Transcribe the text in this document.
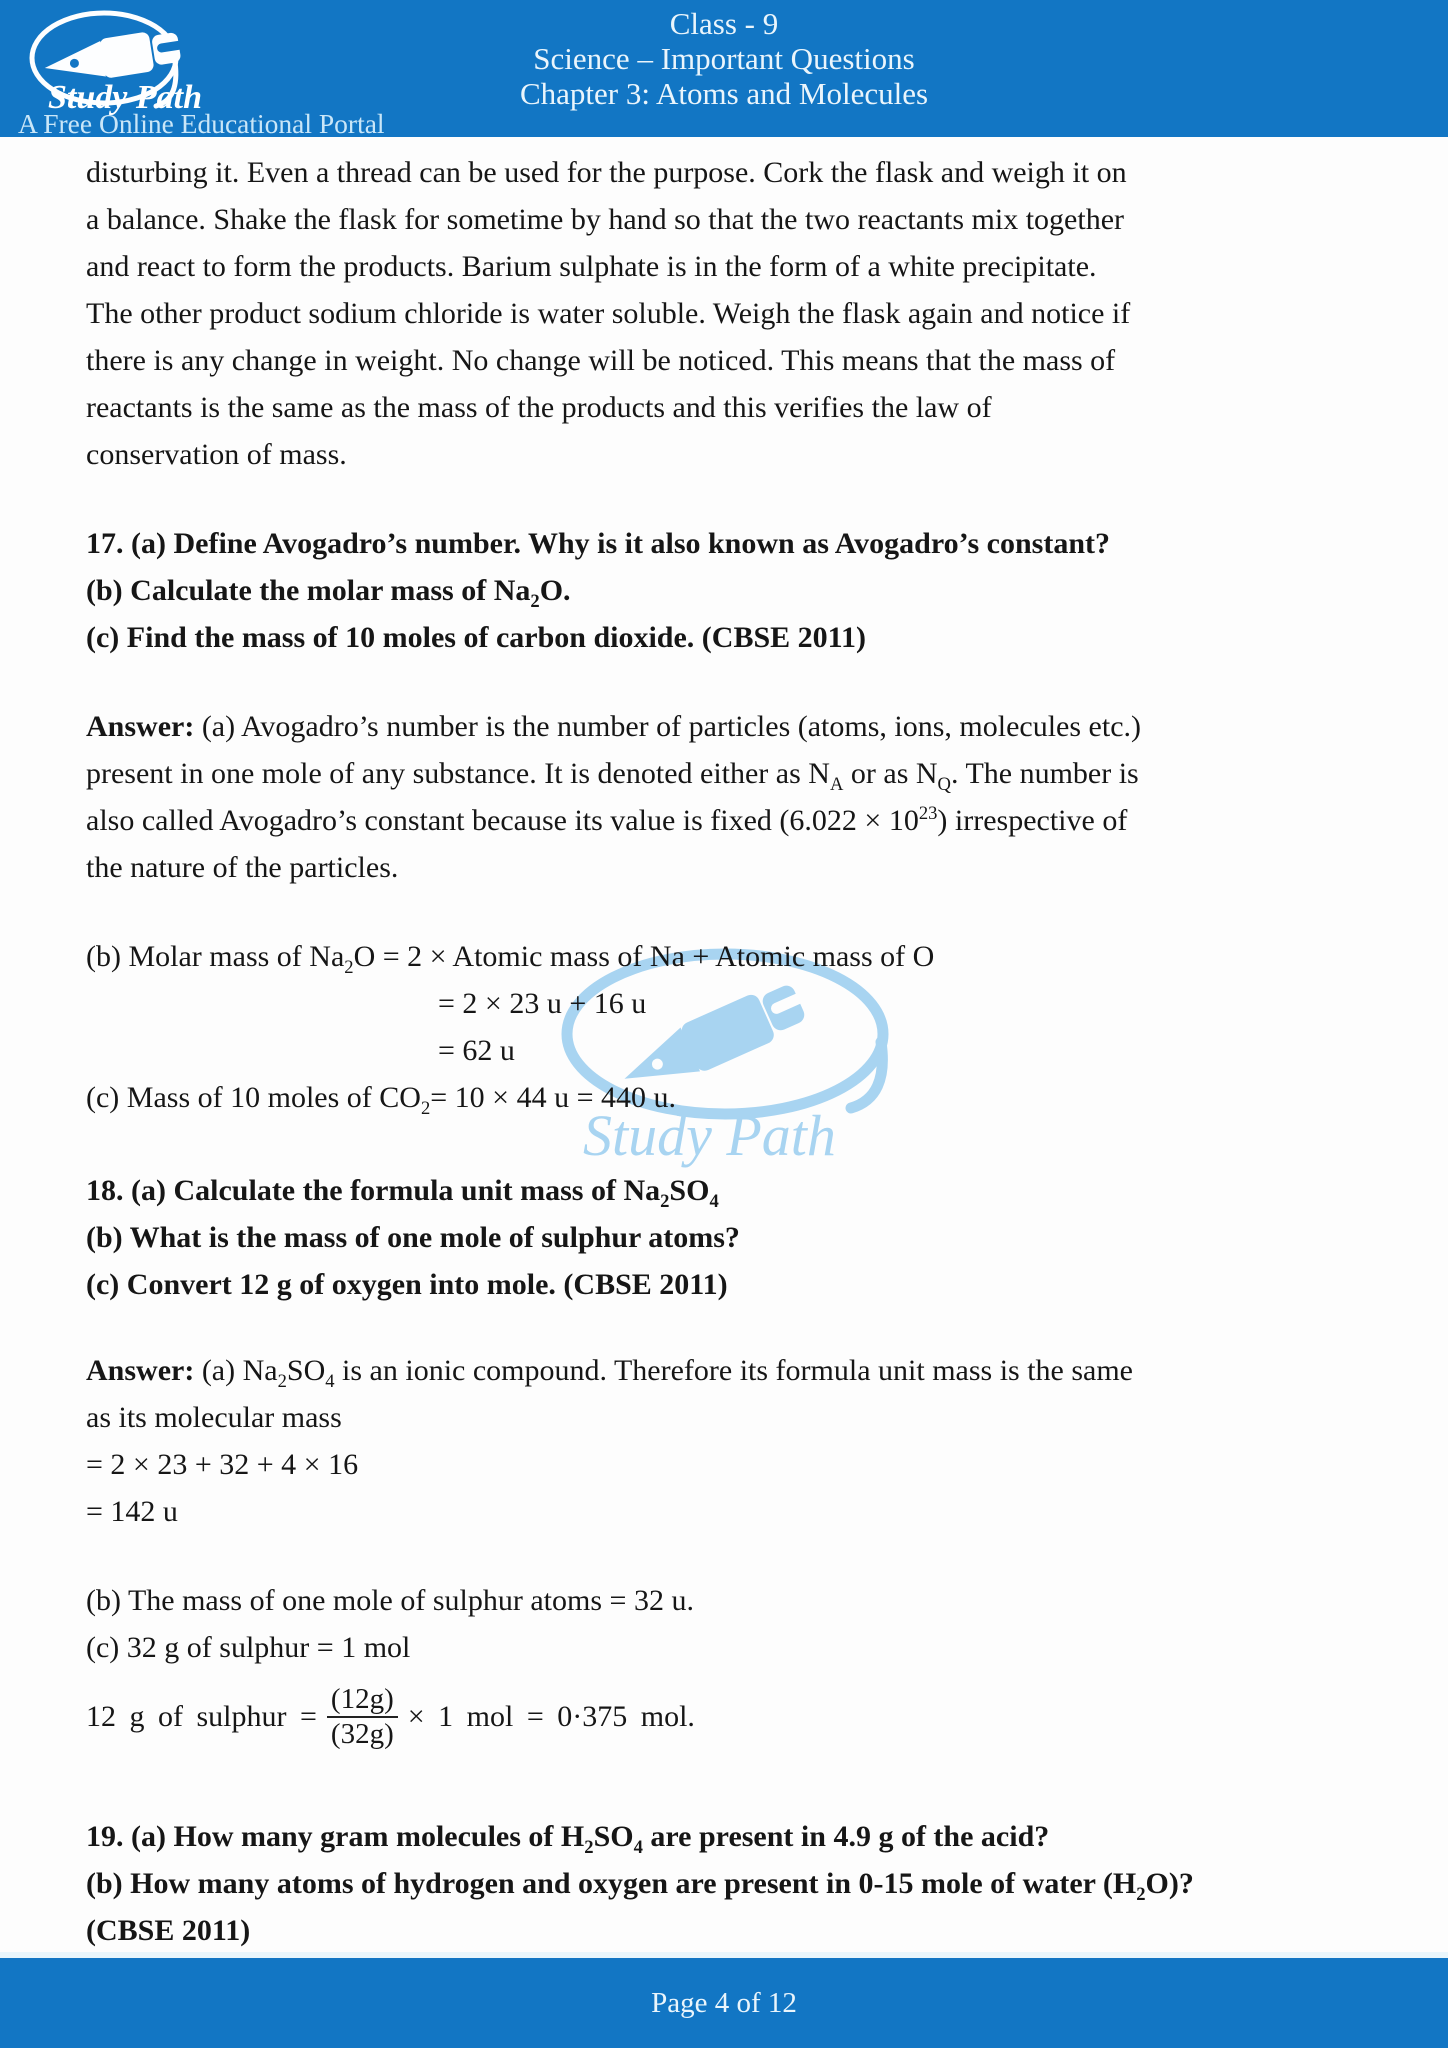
Study Path
A Free Online Educational Portal
Class - 9
Science – Important Questions
Chapter 3: Atoms and Molecules
Study Path
disturbing it. Even a thread can be used for the purpose. Cork the flask and weigh it on
a balance. Shake the flask for sometime by hand so that the two reactants mix together
and react to form the products. Barium sulphate is in the form of a white precipitate.
The other product sodium chloride is water soluble. Weigh the flask again and notice if
there is any change in weight. No change will be noticed. This means that the mass of
reactants is the same as the mass of the products and this verifies the law of
conservation of mass.
17. (a) Define Avogadro’s number. Why is it also known as Avogadro’s constant?
(b) Calculate the molar mass of $Na_2O$.
(c) Find the mass of 10 moles of carbon dioxide. (CBSE 2011)
Answer: (a) Avogadro’s number is the number of particles (atoms, ions, molecules etc.)
present in one mole of any substance. It is denoted either as $N_A$ or as $N_Q$. The number is
also called Avogadro’s constant because its value is fixed $(6.022 \times 10^{23})$ irrespective of
the nature of the particles.
(b) Molar mass of $Na_2O = 2$ × Atomic mass of Na + Atomic mass of O
= 2 × 23 u + 16 u
= 62 u
(c) Mass of 10 moles of $CO_2= 10 \times 44$ u = 440 u.
18. (a) Calculate the formula unit mass of $Na_2SO_4$
(b) What is the mass of one mole of sulphur atoms?
(c) Convert 12 g of oxygen into mole. (CBSE 2011)
Answer: (a) $Na_2SO_4$ is an ionic compound. Therefore its formula unit mass is the same
as its molecular mass
= 2 × 23 + 32 + 4 × 16
= 142 u
(b) The mass of one mole of sulphur atoms = 32 u.
(c) 32 g of sulphur = 1 mol
12 g of sulphur = $\frac{(12g)}{(32g)} \times 1$ mol = 0·375 mol.
19. (a) How many gram molecules of $H_2SO_4$ are present in 4.9 g of the acid?
(b) How many atoms of hydrogen and oxygen are present in 0-15 mole of water $(H_2O)$?
(CBSE 2011)
Page 4 of 12
